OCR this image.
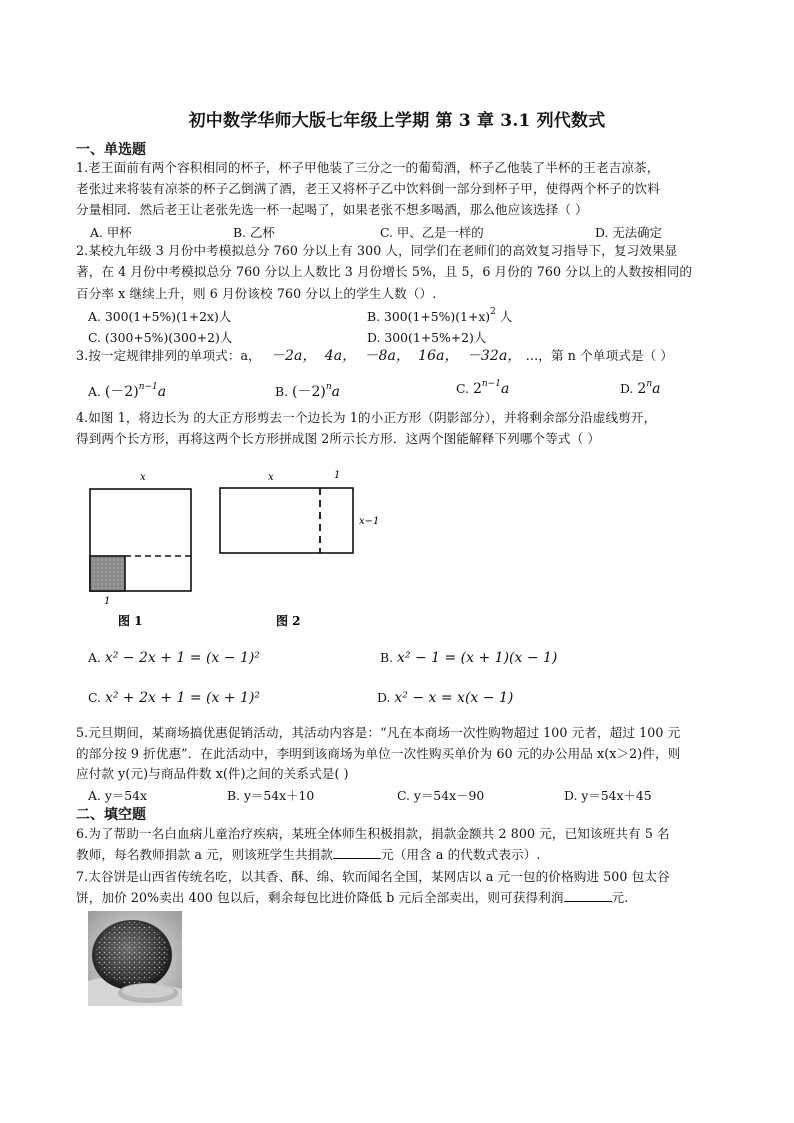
初中数学华师大版七年级上学期 第 3 章 3.1 列代数式
一、单选题
1.老王面前有两个容积相同的杯子，杯子甲他装了三分之一的葡萄酒，杯子乙他装了半杯的王老吉凉茶，
老张过来将装有凉茶的杯子乙倒满了酒，老王又将杯子乙中饮料倒一部分到杯子甲，使得两个杯子的饮料
分量相同．然后老王让老张先选一杯一起喝了，如果老张不想多喝酒，那么他应该选择（ ）
A. 甲杯	B. 乙杯	C. 甲、乙是一样的	D. 无法确定
2.某校九年级 3 月份中考模拟总分 760 分以上有 300 人，同学们在老师们的高效复习指导下，复习效果显
著，在 4 月份中考模拟总分 760 分以上人数比 3 月份增长 5%，且 5，6 月份的 760 分以上的人数按相同的
百分率 x 继续上升，则 6 月份该校 760 分以上的学生人数（）.
A. 300(1+5%)(1+2x)人	B. $300(1+5\%)(1+x)^2$ 人
C. (300+5%)(300+2)人	D. 300(1+5%+2)人
3.按一定规律排列的单项式：a， －2a， 4a， －8a， 16a， －32a， …，第 n 个单项式是（ ）
A. $(-2)^{n-1}a$	B. $(-2)^na$	C. $2^{n-1}a$	D. 2$^n$a
4.如图 1，将边长为 的大正方形剪去一个边长为 1的小正方形（阴影部分），并将剩余部分沿虚线剪开，
得到两个长方形，再将这两个长方形拼成图 2所示长方形．这两个图能解释下列哪个等式（ ）
x
1
图 1
x	1
x−1
图 2
A. x² − 2x + 1 = (x − 1)²	B. x² − 1 = (x + 1)(x − 1)
C. x² + 2x + 1 = (x + 1)²	D. x² − x = x(x − 1)
5.元旦期间，某商场搞优惠促销活动，其活动内容是：“凡在本商场一次性购物超过 100 元者，超过 100 元
的部分按 9 折优惠”．在此活动中，李明到该商场为单位一次性购买单价为 60 元的办公用品 x(x＞2)件，则
应付款 y(元)与商品件数 x(件)之间的关系式是( )
A. y＝54x	B. y＝54x＋10	C. y＝54x－90	D. y＝54x＋45
二、填空题
6.为了帮助一名白血病儿童治疗疾病，某班全体师生积极捐款，捐款金额共 2 800 元，已知该班共有 5 名
教师，每名教师捐款 a 元，则该班学生共捐款	元（用含 a 的代数式表示）.
7.太谷饼是山西省传统名吃，以其香、酥、绵、软而闻名全国，某网店以 a 元一包的价格购进 500 包太谷
饼，加价 20%卖出 400 包以后，剩余每包比进价降低 b 元后全部卖出，则可获得利润	元.
